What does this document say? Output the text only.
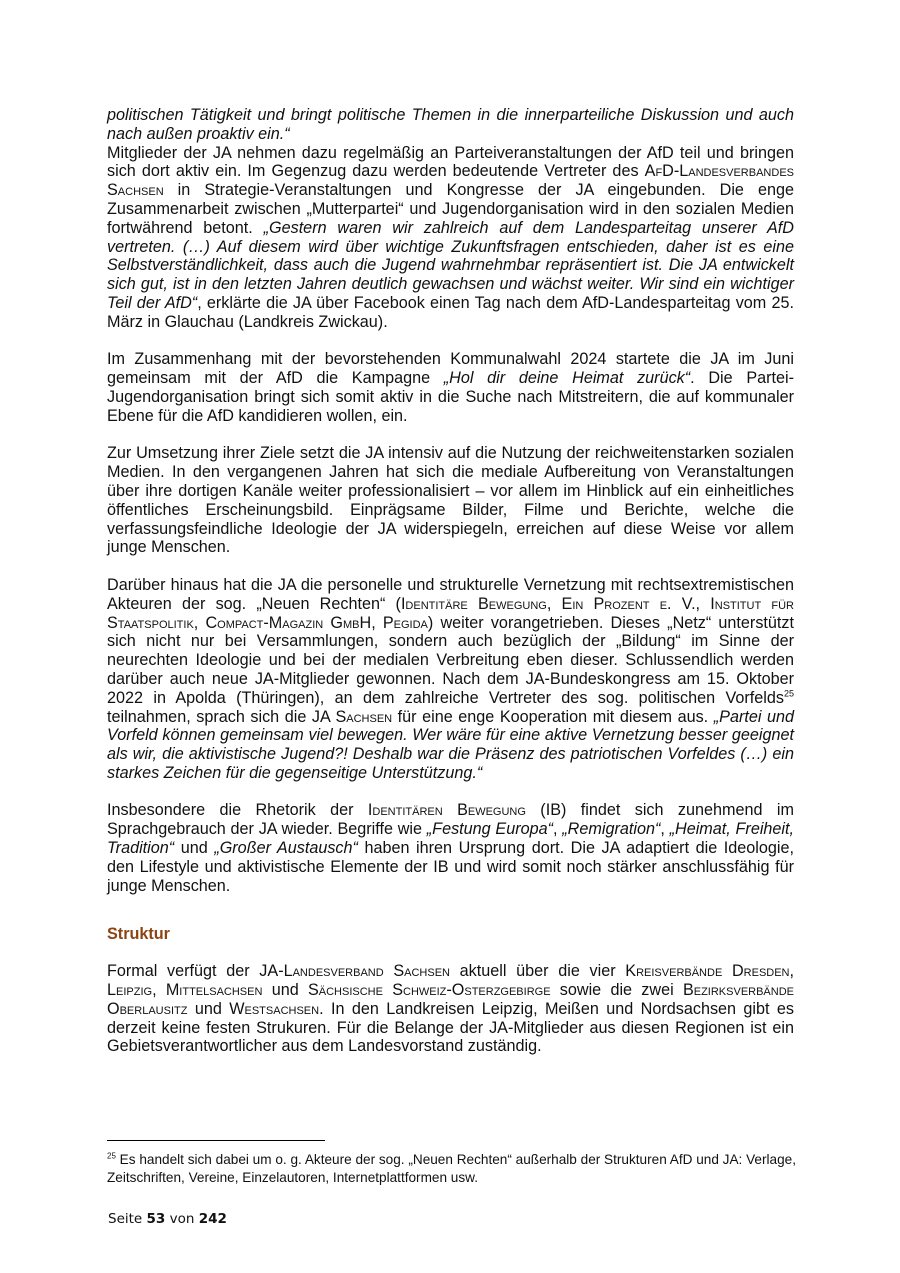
politischen Tätigkeit und bringt politische Themen in die innerparteiliche Diskussion und auch nach außen proaktiv ein.“

Mitglieder der JA nehmen dazu regelmäßig an Parteiveranstaltungen der AfD teil und bringen sich dort aktiv ein. Im Gegenzug dazu werden bedeutende Vertreter des AfD-Landesverbandes Sachsen in Strategie-Veranstaltungen und Kongresse der JA eingebunden. Die enge Zusammenarbeit zwischen „Mutterpartei“ und Jugendorganisation wird in den sozialen Medien fortwährend betont. „Gestern waren wir zahlreich auf dem Landesparteitag unserer AfD vertreten. (…) Auf diesem wird über wichtige Zukunftsfragen entschieden, daher ist es eine Selbstverständlichkeit, dass auch die Jugend wahrnehmbar repräsentiert ist. Die JA entwickelt sich gut, ist in den letzten Jahren deutlich gewachsen und wächst weiter. Wir sind ein wichtiger Teil der AfD“, erklärte die JA über Facebook einen Tag nach dem AfD-Landesparteitag vom 25. März in Glauchau (Landkreis Zwickau).

Im Zusammenhang mit der bevorstehenden Kommunalwahl 2024 startete die JA im Juni gemeinsam mit der AfD die Kampagne „Hol dir deine Heimat zurück“. Die Partei-Jugendorganisation bringt sich somit aktiv in die Suche nach Mitstreitern, die auf kommunaler Ebene für die AfD kandidieren wollen, ein.

Zur Umsetzung ihrer Ziele setzt die JA intensiv auf die Nutzung der reichweitenstarken sozialen Medien. In den vergangenen Jahren hat sich die mediale Aufbereitung von Veranstaltungen über ihre dortigen Kanäle weiter professionalisiert – vor allem im Hinblick auf ein einheitliches öffentliches Erscheinungsbild. Einprägsame Bilder, Filme und Berichte, welche die verfassungsfeindliche Ideologie der JA widerspiegeln, erreichen auf diese Weise vor allem junge Menschen.

Darüber hinaus hat die JA die personelle und strukturelle Vernetzung mit rechtsextremistischen Akteuren der sog. „Neuen Rechten“ (Identitäre Bewegung, Ein Prozent e. V., Institut für Staatspolitik, Compact-Magazin GmbH, Pegida) weiter vorangetrieben. Dieses „Netz“ unterstützt sich nicht nur bei Versammlungen, sondern auch bezüglich der „Bildung“ im Sinne der neurechten Ideologie und bei der medialen Verbreitung eben dieser. Schlussendlich werden darüber auch neue JA-Mitglieder gewonnen. Nach dem JA-Bundeskongress am 15. Oktober 2022 in Apolda (Thüringen), an dem zahlreiche Vertreter des sog. politischen Vorfelds$^{25}$ teilnahmen, sprach sich die JA Sachsen für eine enge Kooperation mit diesem aus. „Partei und Vorfeld können gemeinsam viel bewegen. Wer wäre für eine aktive Vernetzung besser geeignet als wir, die aktivistische Jugend?! Deshalb war die Präsenz des patriotischen Vorfeldes (…) ein starkes Zeichen für die gegenseitige Unterstützung.“

Insbesondere die Rhetorik der Identitären Bewegung (IB) findet sich zunehmend im Sprachgebrauch der JA wieder. Begriffe wie „Festung Europa“, „Remigration“, „Heimat, Freiheit, Tradition“ und „Großer Austausch“ haben ihren Ursprung dort. Die JA adaptiert die Ideologie, den Lifestyle und aktivistische Elemente der IB und wird somit noch stärker anschlussfähig für junge Menschen.

Struktur

Formal verfügt der JA-Landesverband Sachsen aktuell über die vier Kreisverbände Dresden, Leipzig, Mittelsachsen und Sächsische Schweiz-Osterzgebirge sowie die zwei Bezirksverbände Oberlausitz und Westsachsen. In den Landkreisen Leipzig, Meißen und Nordsachsen gibt es derzeit keine festen Strukuren. Für die Belange der JA-Mitglieder aus diesen Regionen ist ein Gebietsverantwortlicher aus dem Landesvorstand zuständig.

$^{25}$ Es handelt sich dabei um o. g. Akteure der sog. „Neuen Rechten“ außerhalb der Strukturen AfD und JA: Verlage, Zeitschriften, Vereine, Einzelautoren, Internetplattformen usw.
Seite 53 von 242
